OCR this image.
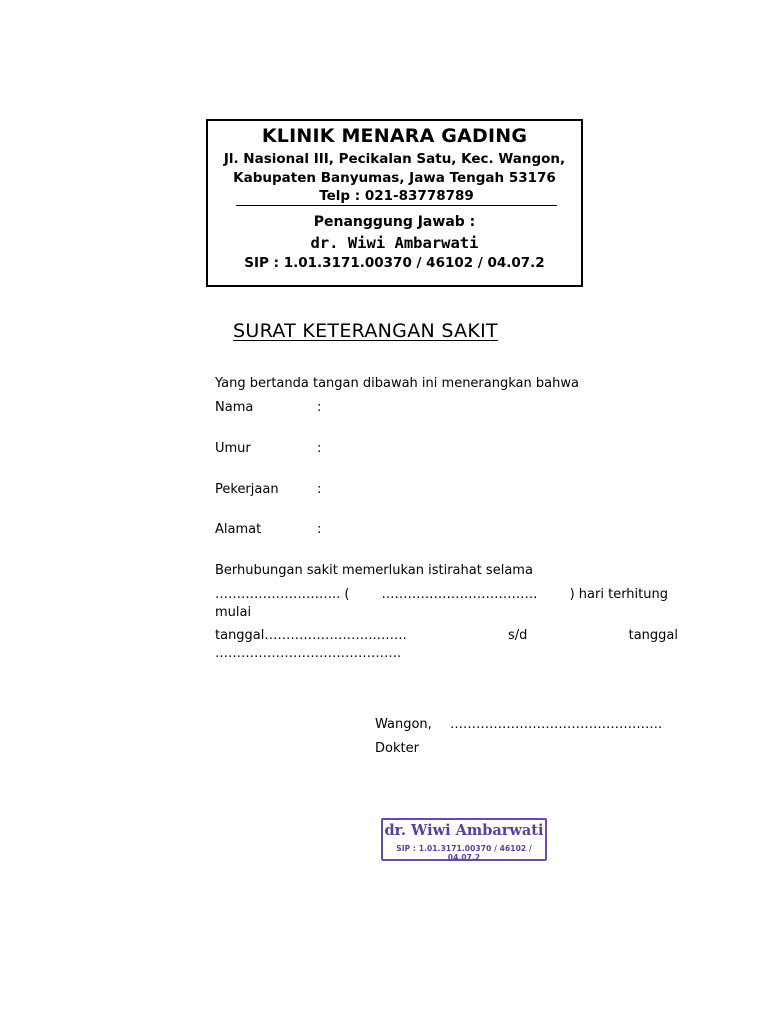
KLINIK MENARA GADING
Jl. Nasional III, Pecikalan Satu, Kec. Wangon,
Kabupaten Banyumas, Jawa Tengah 53176
Telp : 021-83778789
Penanggung Jawab :
dr. Wiwi Ambarwati
SIP : 1.01.3171.00370 / 46102 / 04.07.2
SURAT KETERANGAN SAKIT
Yang bertanda tangan dibawah ini menerangkan bahwa
Nama	:
Umur	:
Pekerjaan	:
Alamat	:
Berhubungan sakit memerlukan istirahat selama
……………………….. ( ……………………………… ) hari terhitung
mulai
tanggal……………………..…….	s/d	tanggal
…………………………………….
Wangon, ………………………………………….
Dokter
dr. Wiwi Ambarwati
SIP : 1.01.3171.00370 / 46102 / 04.07.2
